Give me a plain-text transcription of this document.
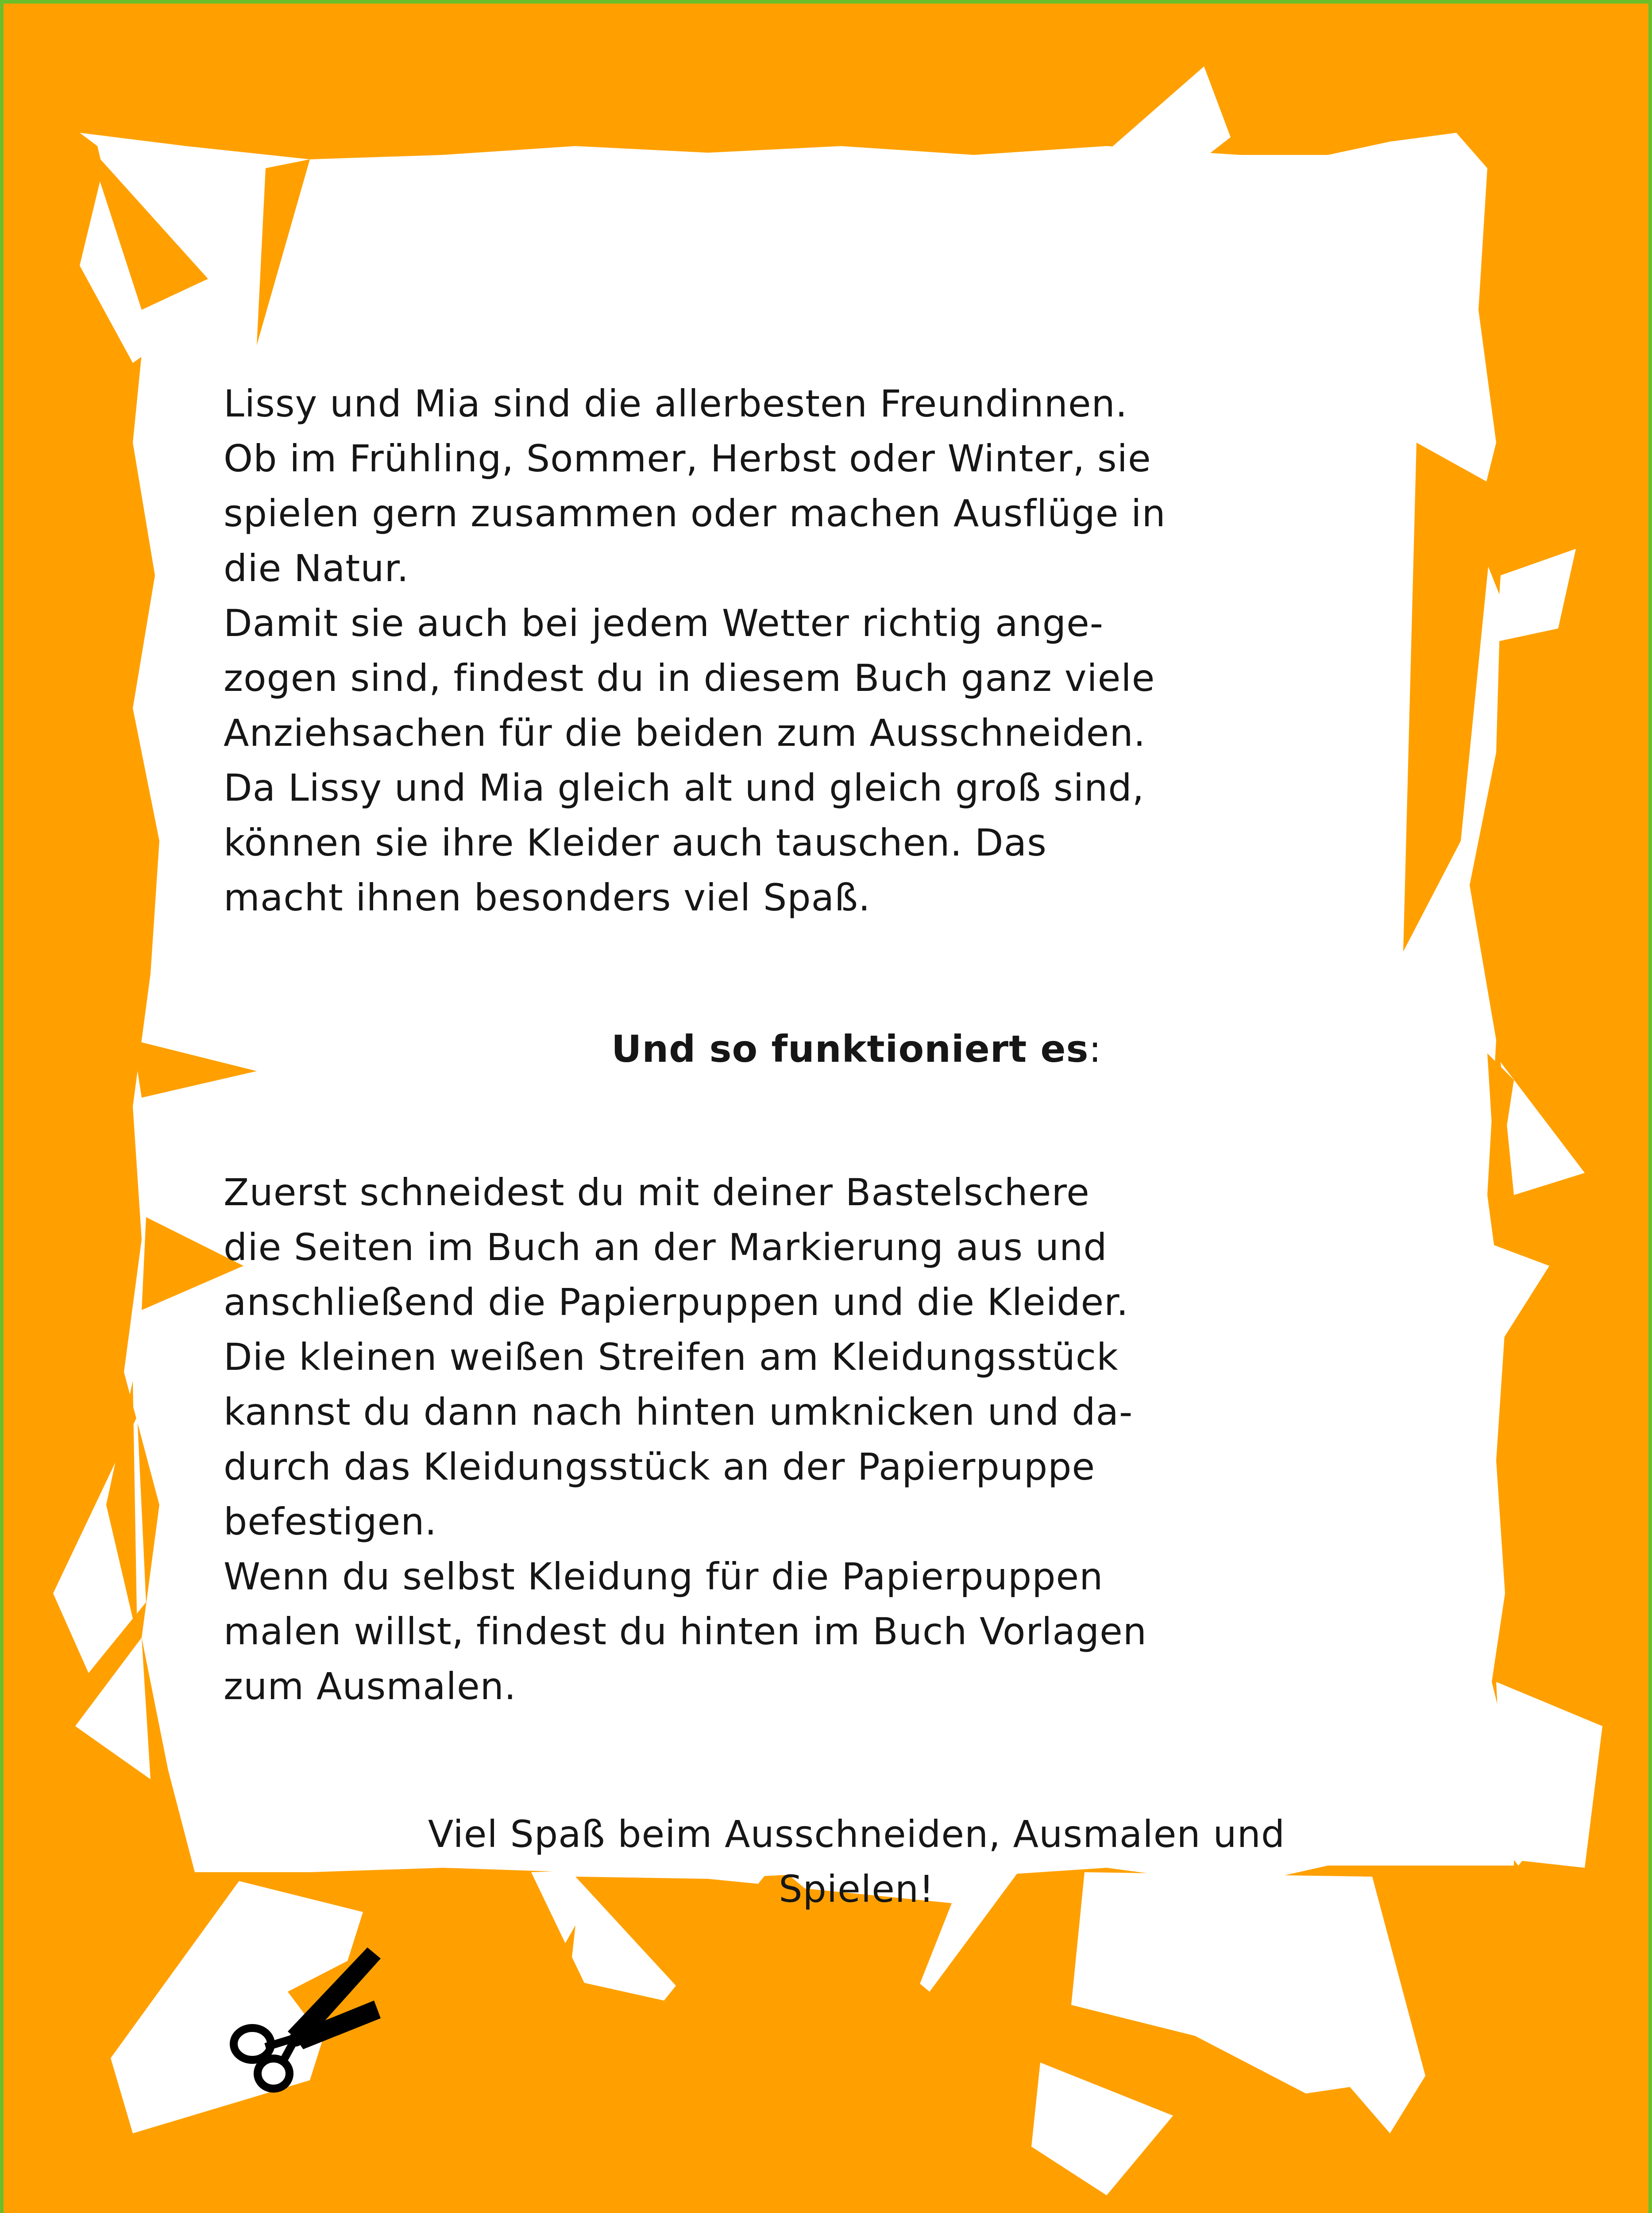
Lissy und Mia sind die allerbesten Freundinnen.
Ob im Frühling, Sommer, Herbst oder Winter, sie
spielen gern zusammen oder machen Ausflüge in
die Natur.
Damit sie auch bei jedem Wetter richtig ange-
zogen sind, findest du in diesem Buch ganz viele
Anziehsachen für die beiden zum Ausschneiden.
Da Lissy und Mia gleich alt und gleich groß sind,
können sie ihre Kleider auch tauschen. Das
macht ihnen besonders viel Spaß.

Und so funktioniert es:

Zuerst schneidest du mit deiner Bastelschere
die Seiten im Buch an der Markierung aus und
anschließend die Papierpuppen und die Kleider.
Die kleinen weißen Streifen am Kleidungsstück
kannst du dann nach hinten umknicken und da-
durch das Kleidungsstück an der Papierpuppe
befestigen.
Wenn du selbst Kleidung für die Papierpuppen
malen willst, findest du hinten im Buch Vorlagen
zum Ausmalen.

Viel Spaß beim Ausschneiden, Ausmalen und
Spielen!
